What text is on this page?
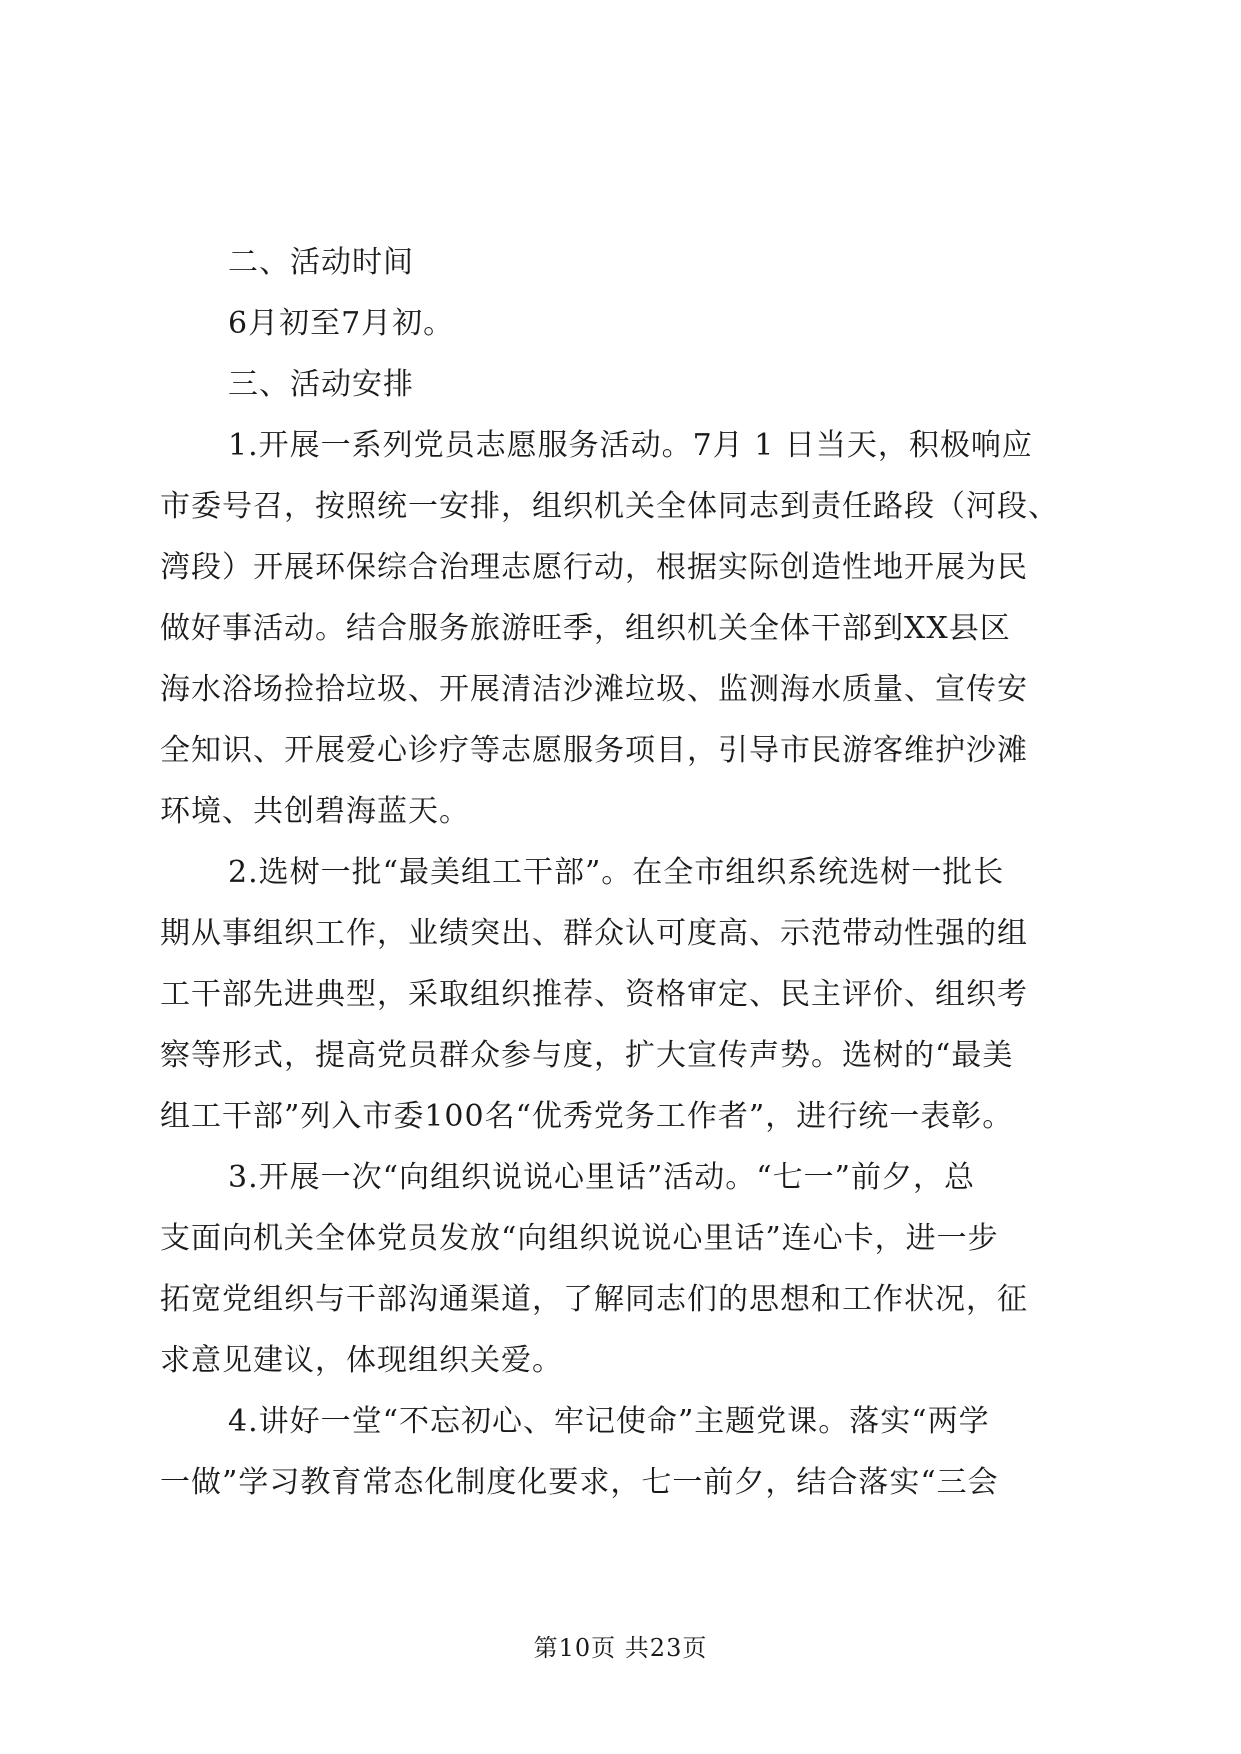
二、活动时间
6月初至7月初。
三、活动安排
1.开展一系列党员志愿服务活动。7月 1 日当天，积极响应
市委号召，按照统一安排，组织机关全体同志到责任路段（河段、
湾段）开展环保综合治理志愿行动，根据实际创造性地开展为民
做好事活动。结合服务旅游旺季，组织机关全体干部到XX县区
海水浴场捡拾垃圾、开展清洁沙滩垃圾、监测海水质量、宣传安
全知识、开展爱心诊疗等志愿服务项目，引导市民游客维护沙滩
环境、共创碧海蓝天。
2.选树一批“最美组工干部”。在全市组织系统选树一批长
期从事组织工作，业绩突出、群众认可度高、示范带动性强的组
工干部先进典型，采取组织推荐、资格审定、民主评价、组织考
察等形式，提高党员群众参与度，扩大宣传声势。选树的“最美
组工干部”列入市委100名“优秀党务工作者”，进行统一表彰。
3.开展一次“向组织说说心里话”活动。“七一”前夕，总
支面向机关全体党员发放“向组织说说心里话”连心卡，进一步
拓宽党组织与干部沟通渠道，了解同志们的思想和工作状况，征
求意见建议，体现组织关爱。
4.讲好一堂“不忘初心、牢记使命”主题党课。落实“两学
一做”学习教育常态化制度化要求，七一前夕，结合落实“三会
第10页 共23页
